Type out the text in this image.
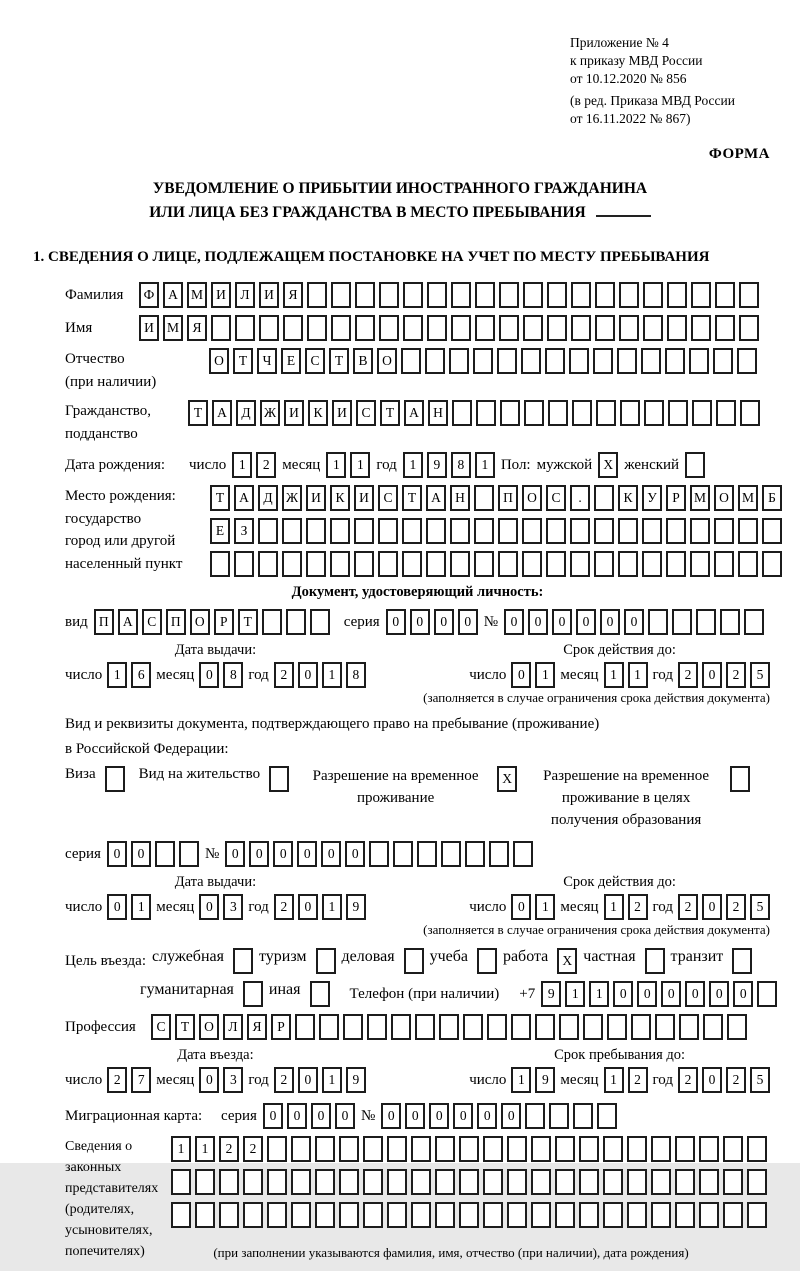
Приложение № 4
к приказу МВД России
от 10.12.2020 № 856
(в ред. Приказа МВД России
от 16.11.2022 № 867)
ФОРМА
УВЕДОМЛЕНИЕ О ПРИБЫТИИ ИНОСТРАННОГО ГРАЖДАНИНА
ИЛИ ЛИЦА БЕЗ ГРАЖДАНСТВА В МЕСТО ПРЕБЫВАНИЯ
1. СВЕДЕНИЯ О ЛИЦЕ, ПОДЛЕЖАЩЕМ ПОСТАНОВКЕ НА УЧЕТ ПО МЕСТУ ПРЕБЫВАНИЯ
Фамилия	Ф	А М И	Л	И	Я
Имя	И М Я
Отчество
(при наличии)
О	Т	Ч	Е	С	Т	В	О
Гражданство,
подданство
Т	А	Д Ж И	К	И	С	Т	А	Н
Дата рождения:	число 1	2 месяц 1	1 год 1	9	8	1 Пол: мужской X женский
Место рождения:
государство
город или другой
населенный пункт
Т	А	Д Ж И	К	И	С	Т	А	Н	П	О	С	.	К	У	Р	М О М	Б
Е	З
Документ, удостоверяющий личность:
вид П	А	С	П	О	Р	Т	серия 0	0	0	0 № 0	0	0	0	0	0
Дата выдачи:
число 1	6 месяц 0	8 год 2	0	1	8
Срок действия до:
число 0	1 месяц 1	1 год 2	0	2	5
(заполняется в случае ограничения срока действия документа)
Вид и реквизиты документа, подтверждающего право на пребывание (проживание)
в Российской Федерации:
Виза	Вид на жительство	Разрешение на временное проживание
X	Разрешение на временное проживание в целях получения образования
серия 0	0	№ 0	0	0	0	0	0
Дата выдачи:
число 0	1 месяц 0	3 год 2	0	1	9
Срок действия до:
число 0	1 месяц 1	2 год 2	0	2	5
(заполняется в случае ограничения срока действия документа)
Цель въезда: служебная туризм деловая учеба работа	X частная транзит
гуманитарная иная	Телефон (при наличии) +7 9	1	1	0	0	0	0	0	0
Профессия	С	Т	О	Л	Я	Р
Дата въезда:
число 2	7 месяц 0	3 год 2	0	1	9
Срок пребывания до:
число 1	9 месяц 1	2 год 2	0	2	5
Миграционная карта:	серия 0	0	0	0 № 0	0	0	0	0	0
Сведения о
законных
представителях
(родителях,
усыновителях,
попечителях)
1	1	2	2
(при заполнении указываются фамилия, имя, отчество (при наличии), дата рождения)
